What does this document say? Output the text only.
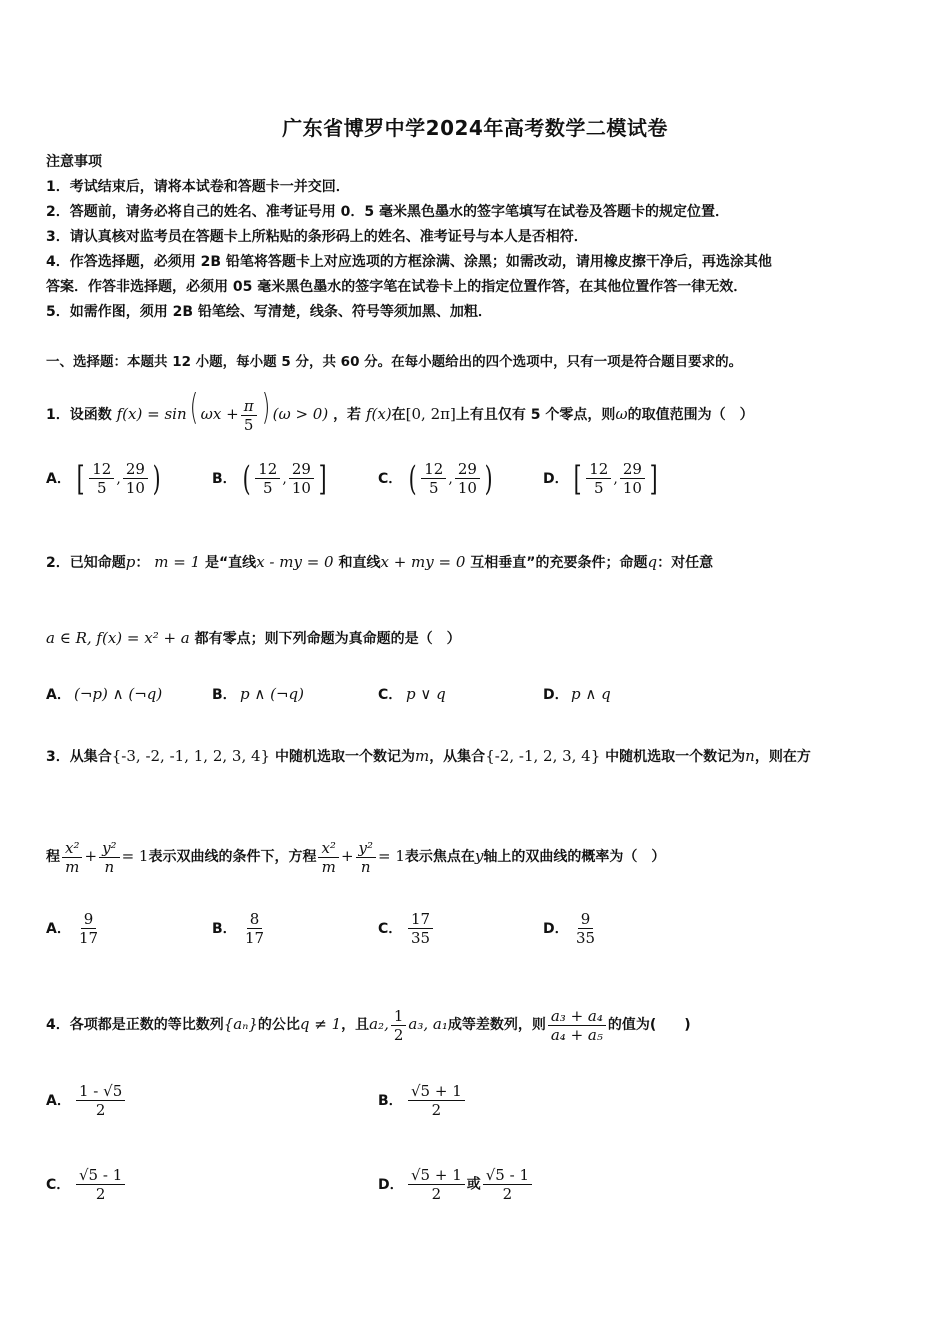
广东省博罗中学2024年高考数学二模试卷
注意事项
1．考试结束后，请将本试卷和答题卡一并交回．
2．答题前，请务必将自己的姓名、准考证号用 0．5 毫米黑色墨水的签字笔填写在试卷及答题卡的规定位置．
3．请认真核对监考员在答题卡上所粘贴的条形码上的姓名、准考证号与本人是否相符．
4．作答选择题，必须用 2B 铅笔将答题卡上对应选项的方框涂满、涂黑；如需改动，请用橡皮擦干净后，再选涂其他
答案．作答非选择题，必须用 05 毫米黑色墨水的签字笔在试卷卡上的指定位置作答，在其他位置作答一律无效．
5．如需作图，须用 2B 铅笔绘、写清楚，线条、符号等须加黑、加粗．
一、选择题：本题共 12 小题，每小题 5 分，共 60 分。在每小题给出的四个选项中，只有一项是符合题目要求的。
1．设函数 f(x) = sin( $\omega x + \frac{\pi}{5}$ ) (ω > 0) ，若 f(x)在[0, 2π]上有且仅有 5 个零点，则ω的取值范围为（　）
A． [ $\frac{12}{5}$ , $\frac{29}{10}$ )	B． ( $\frac{12}{5}$ , $\frac{29}{10}$ ]	C． ( $\frac{12}{5}$ , $\frac{29}{10}$ )	D． [ $\frac{12}{5}$ , $\frac{29}{10}$ ]
2．已知命题p： m = 1 是“直线x - my = 0 和直线x + my = 0 互相垂直”的充要条件；命题q：对任意
a ∈ R, f(x) = x² + a 都有零点；则下列命题为真命题的是（　）
A． (¬p) ∧ (¬q)	B． p ∧ (¬q)	C． p ∨ q	D． p ∧ q
3．从集合{-3, -2, -1, 1, 2, 3, 4} 中随机选取一个数记为m，从集合{-2, -1, 2, 3, 4} 中随机选取一个数记为n，则在方
程 $\frac{\text{x²}}{m} + \frac{\text{y²}}{n} = 1$表示双曲线的条件下，方程 $\frac{\text{x²}}{m} + \frac{\text{y²}}{n} = 1$表示焦点在y轴上的双曲线的概率为（　）
A． $\frac{9}{17}$	B． $\frac{8}{17}$	C． $\frac{17}{35}$	D． $\frac{9}{35}$
4．各项都是正数的等比数列{aₙ}的公比q ≠ 1，且a₂, $\frac{1}{2} a_3$, a₁成等差数列，则 $\frac{\text{a₃ + a₄}}{\text{a₄ + a₅}}$ 的值为(　　)
A． $\frac{1 - √5}{2}$	B． $\frac{√5 + 1}{2}$
C． $\frac{√5 - 1}{2}$	D． $\frac{√5 + 1}{2}$ 或 $\frac{√5 - 1}{2}$
